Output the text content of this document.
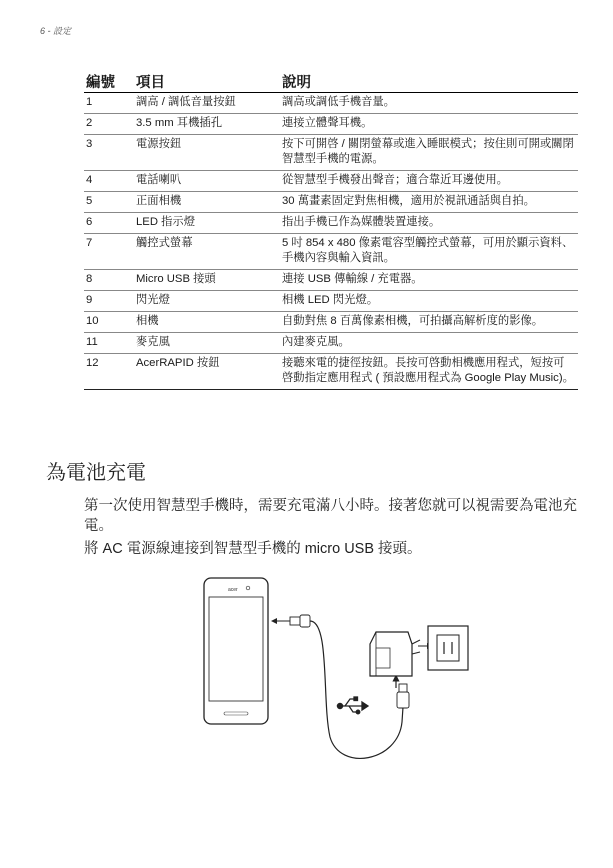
6 - 設定
編號	項目	說明
1	調高 / 調低音量按鈕	調高或調低手機音量。
2	3.5 mm 耳機插孔	連接立體聲耳機。
3	電源按鈕	按下可開啓 / 關閉螢幕或進入睡眠模式；按住則可開或關閉智慧型手機的電源。
4	電話喇叭	從智慧型手機發出聲音；適合靠近耳邊使用。
5	正面相機	30 萬畫素固定對焦相機，適用於視訊通話與自拍。
6	LED 指示燈	指出手機已作為媒體裝置連接。
7	觸控式螢幕	5 吋 854 x 480 像素電容型觸控式螢幕，可用於顯示資料、手機內容與輸入資訊。
8	Micro USB 接頭	連接 USB 傳輸線 / 充電器。
9	閃光燈	相機 LED 閃光燈。
10	相機	自動對焦 8 百萬像素相機，可拍攝高解析度的影像。
11	麥克風	內建麥克風。
12	AcerRAPID 按鈕	接聽來電的捷徑按鈕。長按可啓動相機應用程式，短按可啓動指定應用程式 ( 預設應用程式為 Google Play Music)。
為電池充電

第一次使用智慧型手機時，需要充電滿八小時。接著您就可以視需要為電池充電。

將 AC 電源線連接到智慧型手機的 micro USB 接頭。

acer
